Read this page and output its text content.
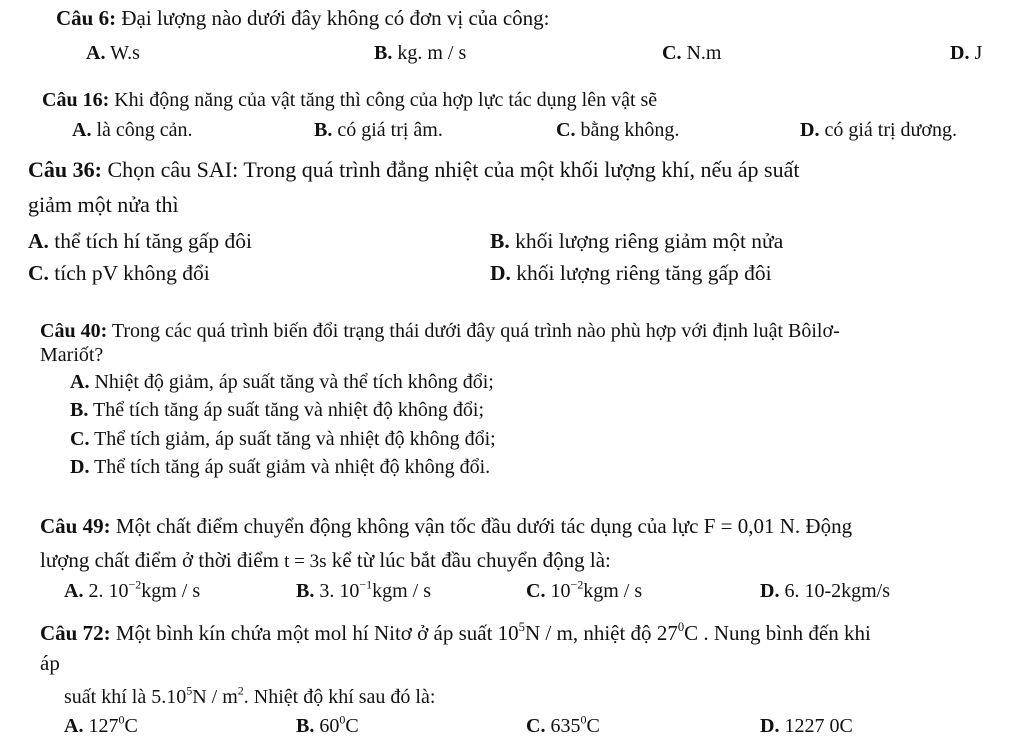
Câu 6: Đại lượng nào dưới đây không có đơn vị của công:
A. W.s	B. kg. m / s	C. N.m	D. J
Câu 16: Khi động năng của vật tăng thì công của hợp lực tác dụng lên vật sẽ
A. là công cản.	B. có giá trị âm.	C. bằng không.	D. có giá trị dương.
Câu 36: Chọn câu SAI: Trong quá trình đẳng nhiệt của một khối lượng khí, nếu áp suất
giảm một nửa thì
A. thể tích hí tăng gấp đôi	B. khối lượng riêng giảm một nửa
C. tích pV không đổi	D. khối lượng riêng tăng gấp đôi
Câu 40: Trong các quá trình biến đổi trạng thái dưới đây quá trình nào phù hợp với định luật Bôilơ-
Mariốt?
A. Nhiệt độ giảm, áp suất tăng và thể tích không đổi;
B. Thể tích tăng áp suất tăng và nhiệt độ không đổi;
C. Thể tích giảm, áp suất tăng và nhiệt độ không đổi;
D. Thể tích tăng áp suất giảm và nhiệt độ không đổi.
Câu 49: Một chất điểm chuyển động không vận tốc đầu dưới tác dụng của lực F = 0,01 N. Động
lượng chất điểm ở thời điểm t = 3s kể từ lúc bắt đầu chuyển động là:
A. 2. $10^{-2}kgm$ / s	B. 3. $10^{-1}kgm$ / s	C. $10^{-2}kgm$ / s	D. 6. 10-2kgm/s
Câu 72: Một bình kín chứa một mol hí Nitơ ở áp suất $10^5N$ / m, nhiệt độ $27^0C$ . Nung bình đến khi
áp
suất khí là $5.10^5N / m^2$. Nhiệt độ khí sau đó là:
A. $127^0C$	B. $60^0C$	C. $635^0C$	D. 1227 0C
